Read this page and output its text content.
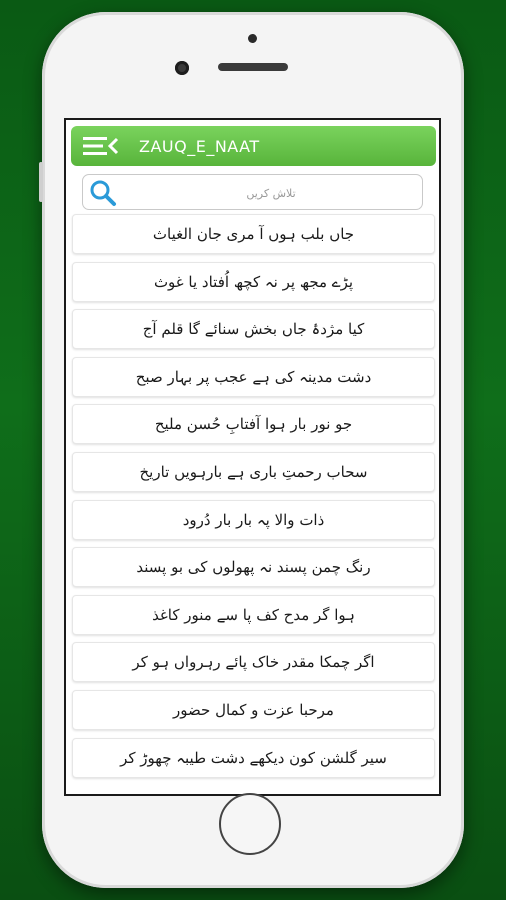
ZAUQ_E_NAAT
تلاش کریں
جاں بلب ہوں آ مری جان الغیاث
پڑے مجھ پر نہ کچھ اُفتاد یا غوث
کیا مژدۂ جاں بخش سنائے گا قلم آج
دشت مدینہ کی ہے عجب پر بہار صبح
جو نور بار ہوا آفتابِ حُسن ملیح
سحاب رحمتِ باری ہے بارہویں تاریخ
ذات والا پہ بار بار دُرود
رنگ چمن پسند نہ پھولوں کی بو پسند
ہوا گر مدح کف پا سے منور کاغذ
اگر چمکا مقدر خاک پائے رہرواں ہو کر
مرحبا عزت و کمال حضور
سیر گلشن کون دیکھے دشت طیبہ چھوڑ کر
